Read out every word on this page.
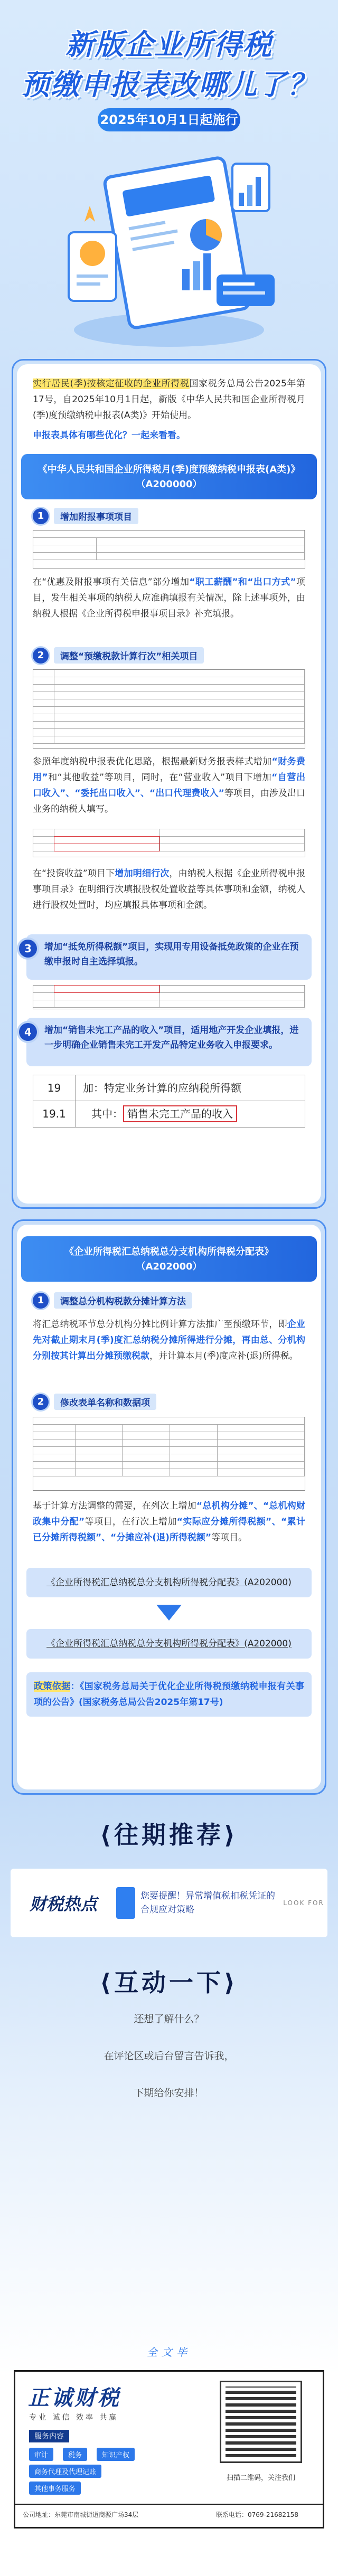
新版企业所得税
预缴申报表改哪儿了？
2025年10月1日起施行
实行居民(季)按核定征收的企业所得税国家税务总局公告2025年第17号，自2025年10月1日起，新版《中华人民共和国企业所得税月(季)度预缴纳税申报表(A类)》开始使用。
申报表具体有哪些优化？一起来看看。
《中华人民共和国企业所得税月(季)度预缴纳税申报表(A类)》
（A200000）
1	增加附报事项项目

在“优惠及附报事项有关信息”部分增加“职工薪酬”和“出口方式”项目，发生相关事项的纳税人应准确填报有关情况，除上述事项外，由纳税人根据《企业所得税申报事项目录》补充填报。
2	调整“预缴税款计算行次”相关项目

参照年度纳税申报表优化思路，根据最新财务报表样式增加“财务费用”和“其他收益”等项目，同时，在“营业收入”项目下增加“自营出口收入”、“委托出口收入”、“出口代理费收入”等项目，由涉及出口业务的纳税人填写。

在“投资收益”项目下增加明细行次，由纳税人根据《企业所得税申报事项目录》在明细行次填报股权处置收益等具体事项和金额，纳税人进行股权处置时，均应填报具体事项和金额。
3	增加“抵免所得税额”项目，实现用专用设备抵免政策的企业在预缴申报时自主选择填报。

4	增加“销售未完工产品的收入”项目，适用地产开发企业填报，进一步明确企业销售未完工开发产品特定业务收入申报要求。
19	加：特定业务计算的应纳税所得额
19.1	其中： 销售未完工产品的收入
《企业所得税汇总纳税总分支机构所得税分配表》
（A202000）
1	调整总分机构税款分摊计算方法
将汇总纳税环节总分机构分摊比例计算方法推广至预缴环节，即企业先对截止期末月(季)度汇总纳税分摊所得进行分摊，再由总、分机构分别按其计算出分摊预缴税款，并计算本月(季)度应补(退)所得税。
2	修改表单名称和数据项

基于计算方法调整的需要，在列次上增加“总机构分摊”、“总机构财政集中分配”等项目，在行次上增加“实际应分摊所得税额”、“累计已分摊所得税额”、“分摊应补(退)所得税额”等项目。
《企业所得税汇总纳税总分支机构所得税分配表》(A202000)
《企业所得税汇总纳税总分支机构所得税分配表》(A202000)
政策依据：《国家税务总局关于优化企业所得税预缴纳税申报有关事项的公告》(国家税务总局公告2025年第17号)
⟨往期推荐⟩
财税热点	您要提醒！异常增值税扣税凭证的合规应对策略
LOOK FOR
⟨互动一下⟩
还想了解什么？
在评论区或后台留言告诉我，
下期给你安排！
全文毕
正诚财税
专业 诚信 效率 共赢
服务内容
审计	税务	知识产权
商务代理及代理记账
其他事务服务
扫描二维码，关注我们
公司地址：东莞市南城街道商源广场34层	联系电话：0769-21682158
